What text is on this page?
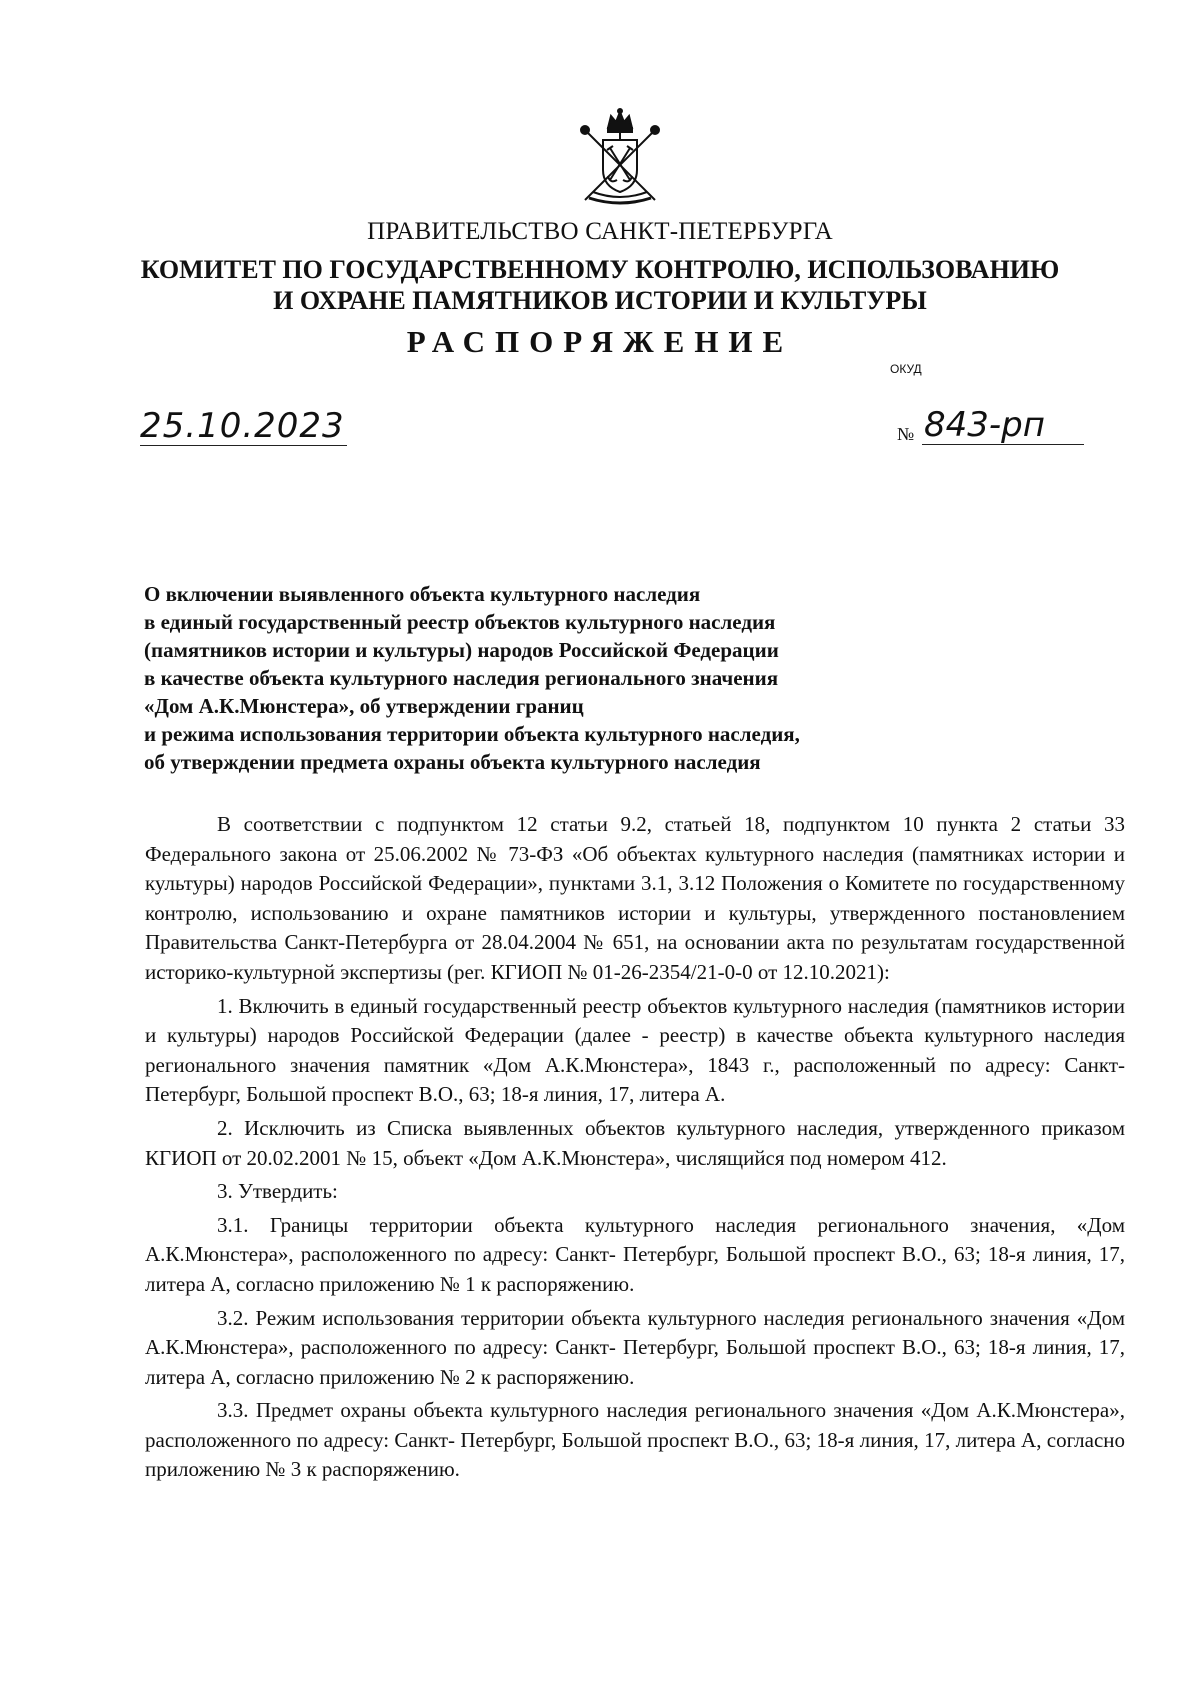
ПРАВИТЕЛЬСТВО САНКТ-ПЕТЕРБУРГА
КОМИТЕТ ПО ГОСУДАРСТВЕННОМУ КОНТРОЛЮ, ИСПОЛЬЗОВАНИЮ
И ОХРАНЕ ПАМЯТНИКОВ ИСТОРИИ И КУЛЬТУРЫ
РАСПОРЯЖЕНИЕ
ОКУД
25.10.2023	№ 843-рп
О включении выявленного объекта культурного наследия
в единый государственный реестр объектов культурного наследия
(памятников истории и культуры) народов Российской Федерации
в качестве объекта культурного наследия регионального значения
«Дом А.К.Мюнстера», об утверждении границ
и режима использования территории объекта культурного наследия,
об утверждении предмета охраны объекта культурного наследия

В соответствии с подпунктом 12 статьи 9.2, статьей 18, подпунктом 10 пункта 2 статьи 33 Федерального закона от 25.06.2002 № 73-ФЗ «Об объектах культурного наследия (памятниках истории и культуры) народов Российской Федерации», пунктами 3.1, 3.12 Положения о Комитете по государственному контролю, использованию и охране памятников истории и культуры, утвержденного постановлением Правительства Санкт-Петербурга от 28.04.2004 № 651, на основании акта по результатам государственной историко-культурной экспертизы (рег. КГИОП № 01-26-2354/21-0-0 от 12.10.2021):

1. Включить в единый государственный реестр объектов культурного наследия (памятников истории и культуры) народов Российской Федерации (далее - реестр) в качестве объекта культурного наследия регионального значения памятник «Дом А.К.Мюнстера», 1843 г., расположенный по адресу: Санкт- Петербург, Большой проспект В.О., 63; 18-я линия, 17, литера А.

2. Исключить из Списка выявленных объектов культурного наследия, утвержденного приказом КГИОП от 20.02.2001 № 15, объект «Дом А.К.Мюнстера», числящийся под номером 412.

3. Утвердить:

3.1. Границы территории объекта культурного наследия регионального значения, «Дом А.К.Мюнстера», расположенного по адресу: Санкт- Петербург, Большой проспект В.О., 63; 18-я линия, 17, литера А, согласно приложению № 1 к распоряжению.

3.2. Режим использования территории объекта культурного наследия регионального значения «Дом А.К.Мюнстера», расположенного по адресу: Санкт- Петербург, Большой проспект В.О., 63; 18-я линия, 17, литера А, согласно приложению № 2 к распоряжению.

3.3. Предмет охраны объекта культурного наследия регионального значения «Дом А.К.Мюнстера», расположенного по адресу: Санкт- Петербург, Большой проспект В.О., 63; 18-я линия, 17, литера А, согласно приложению № 3 к распоряжению.
